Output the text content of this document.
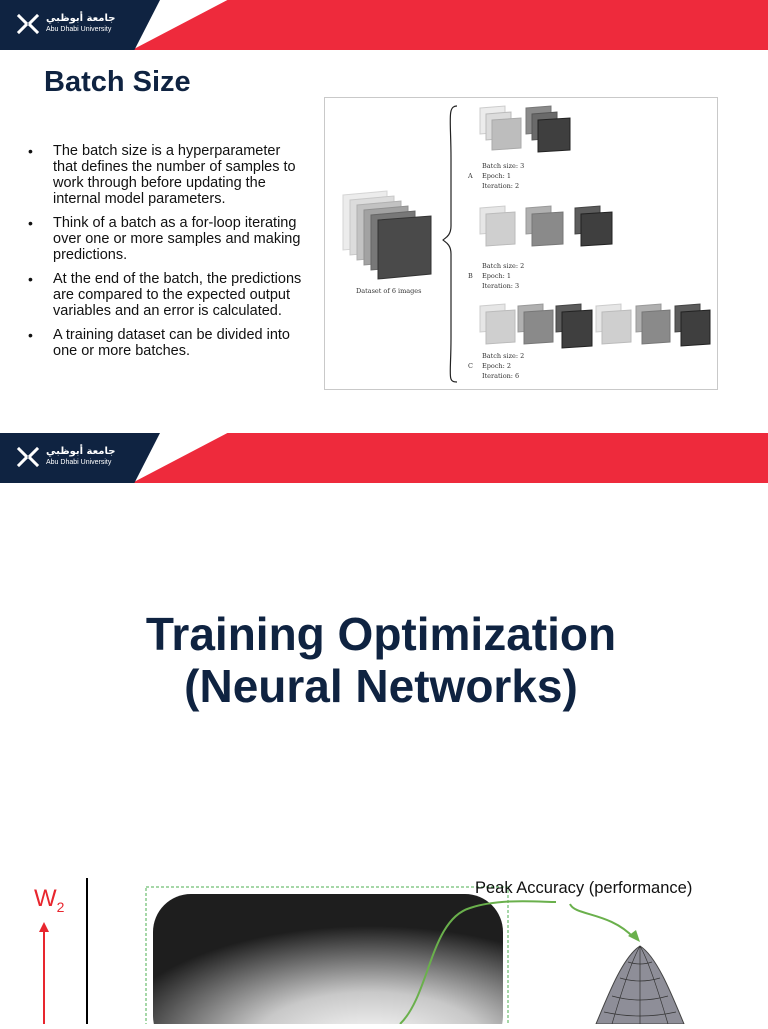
جامعة أبوظبي
Abu Dhabi University
Batch Size
• The batch size is a hyperparameter that defines the number of samples to work through before updating the internal model parameters.
• Think of a batch as a for-loop iterating over one or more samples and making predictions.
• At the end of the batch, the predictions are compared to the expected output variables and an error is calculated.
• A training dataset can be divided into one or more batches.
Dataset of 6 images
Batch size: 3
A Epoch: 1
Iteration: 2
Batch size: 2
B Epoch: 1
Iteration: 3
Batch size: 2
C Epoch: 2
Iteration: 6
جامعة أبوظبي
Abu Dhabi University
Training Optimization
(Neural Networks)
$W_2$
Peak Accuracy (performance)
